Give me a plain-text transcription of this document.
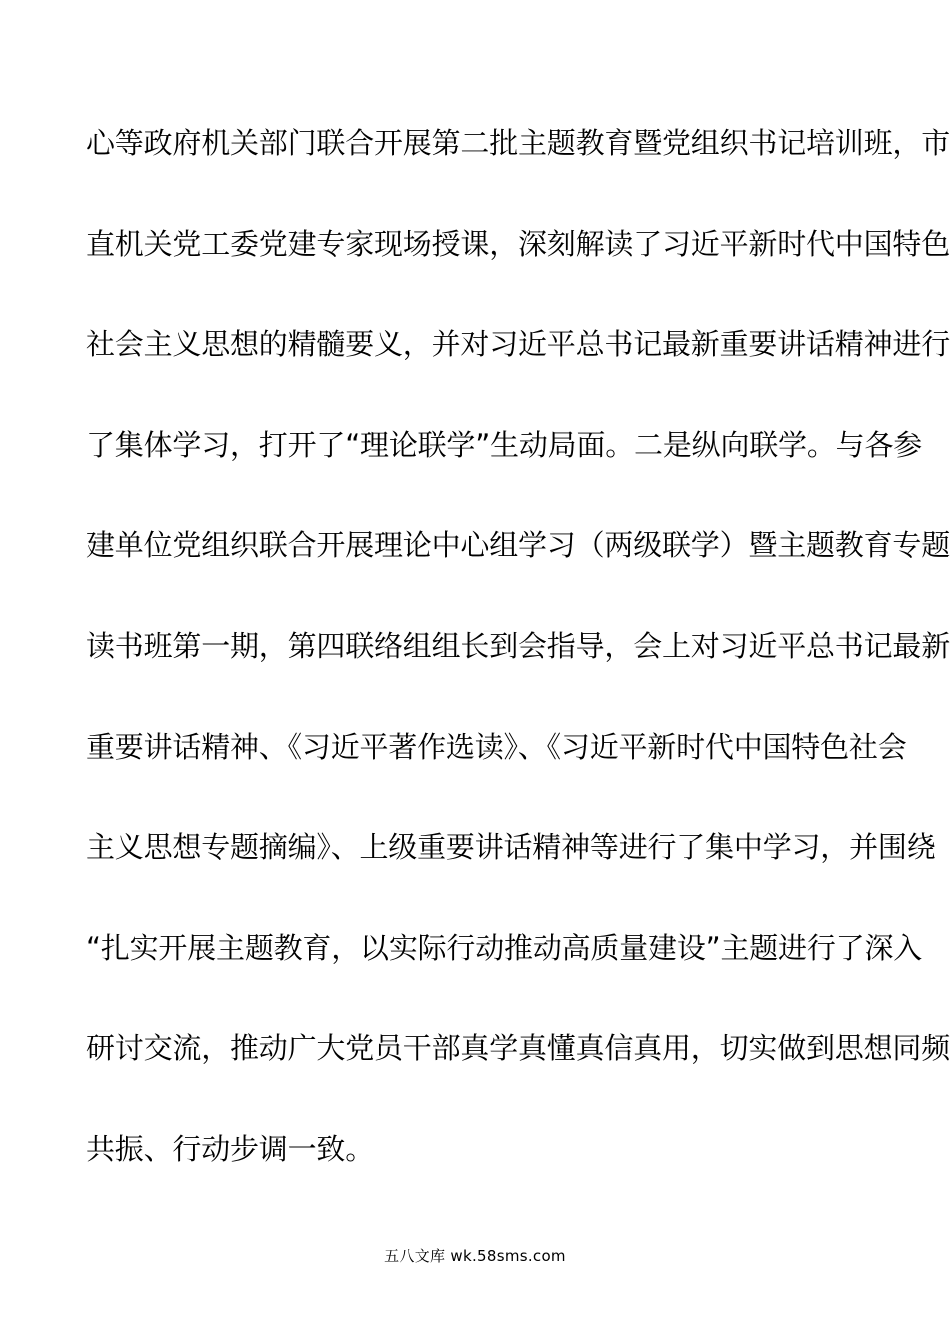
心等政府机关部门联合开展第二批主题教育暨党组织书记培训班，市
直机关党工委党建专家现场授课，深刻解读了习近平新时代中国特色
社会主义思想的精髓要义，并对习近平总书记最新重要讲话精神进行
了集体学习，打开了“理论联学”生动局面。二是纵向联学。与各参
建单位党组织联合开展理论中心组学习（两级联学）暨主题教育专题
读书班第一期，第四联络组组长到会指导，会上对习近平总书记最新
重要讲话精神、《习近平著作选读》、《习近平新时代中国特色社会
主义思想专题摘编》、上级重要讲话精神等进行了集中学习，并围绕
“扎实开展主题教育，以实际行动推动高质量建设”主题进行了深入
研讨交流，推动广大党员干部真学真懂真信真用，切实做到思想同频
共振、行动步调一致。
五八文库 wk.58sms.com
